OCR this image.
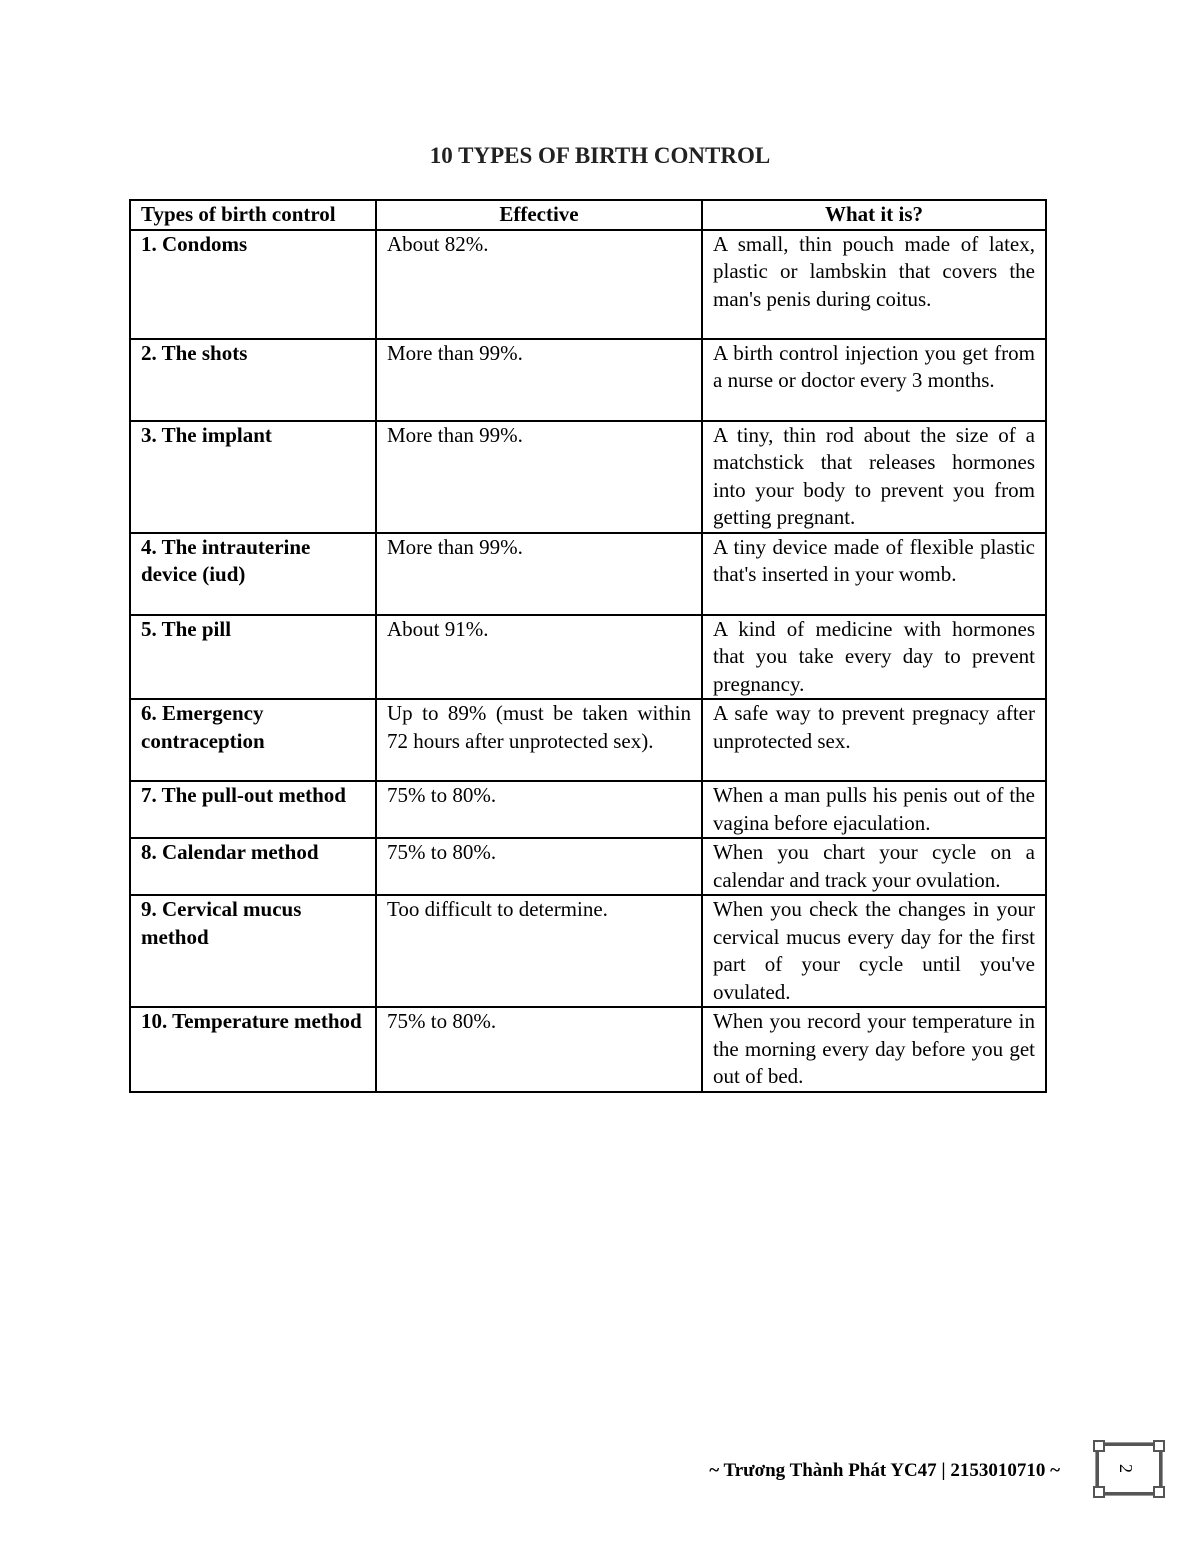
10 TYPES OF BIRTH CONTROL
Types of birth control	Effective	What it is?
1. Condoms	About 82%.	A small, thin pouch made of latex, plastic or lambskin that covers the man's penis during coitus.
2. The shots	More than 99%.	A birth control injection you get from a nurse or doctor every 3 months.
3. The implant	More than 99%.	A tiny, thin rod about the size of a matchstick that releases hormones into your body to prevent you from getting pregnant.
4. The intrauterine device (iud)	More than 99%.	A tiny device made of flexible plastic that's inserted in your womb.
5. The pill	About 91%.	A kind of medicine with hormones that you take every day to prevent pregnancy.
6. Emergency contraception	Up to 89% (must be taken within 72 hours after unprotected sex).	A safe way to prevent pregnacy after unprotected sex.
7. The pull-out method	75% to 80%.	When a man pulls his penis out of the vagina before ejaculation.
8. Calendar method	75% to 80%.	When you chart your cycle on a calendar and track your ovulation.
9. Cervical mucus method	Too difficult to determine.	When you check the changes in your cervical mucus every day for the first part of your cycle until you've ovulated.
10. Temperature method	75% to 80%.	When you record your temperature in the morning every day before you get out of bed.
~ Trương Thành Phát YC47 | 2153010710 ~	2
